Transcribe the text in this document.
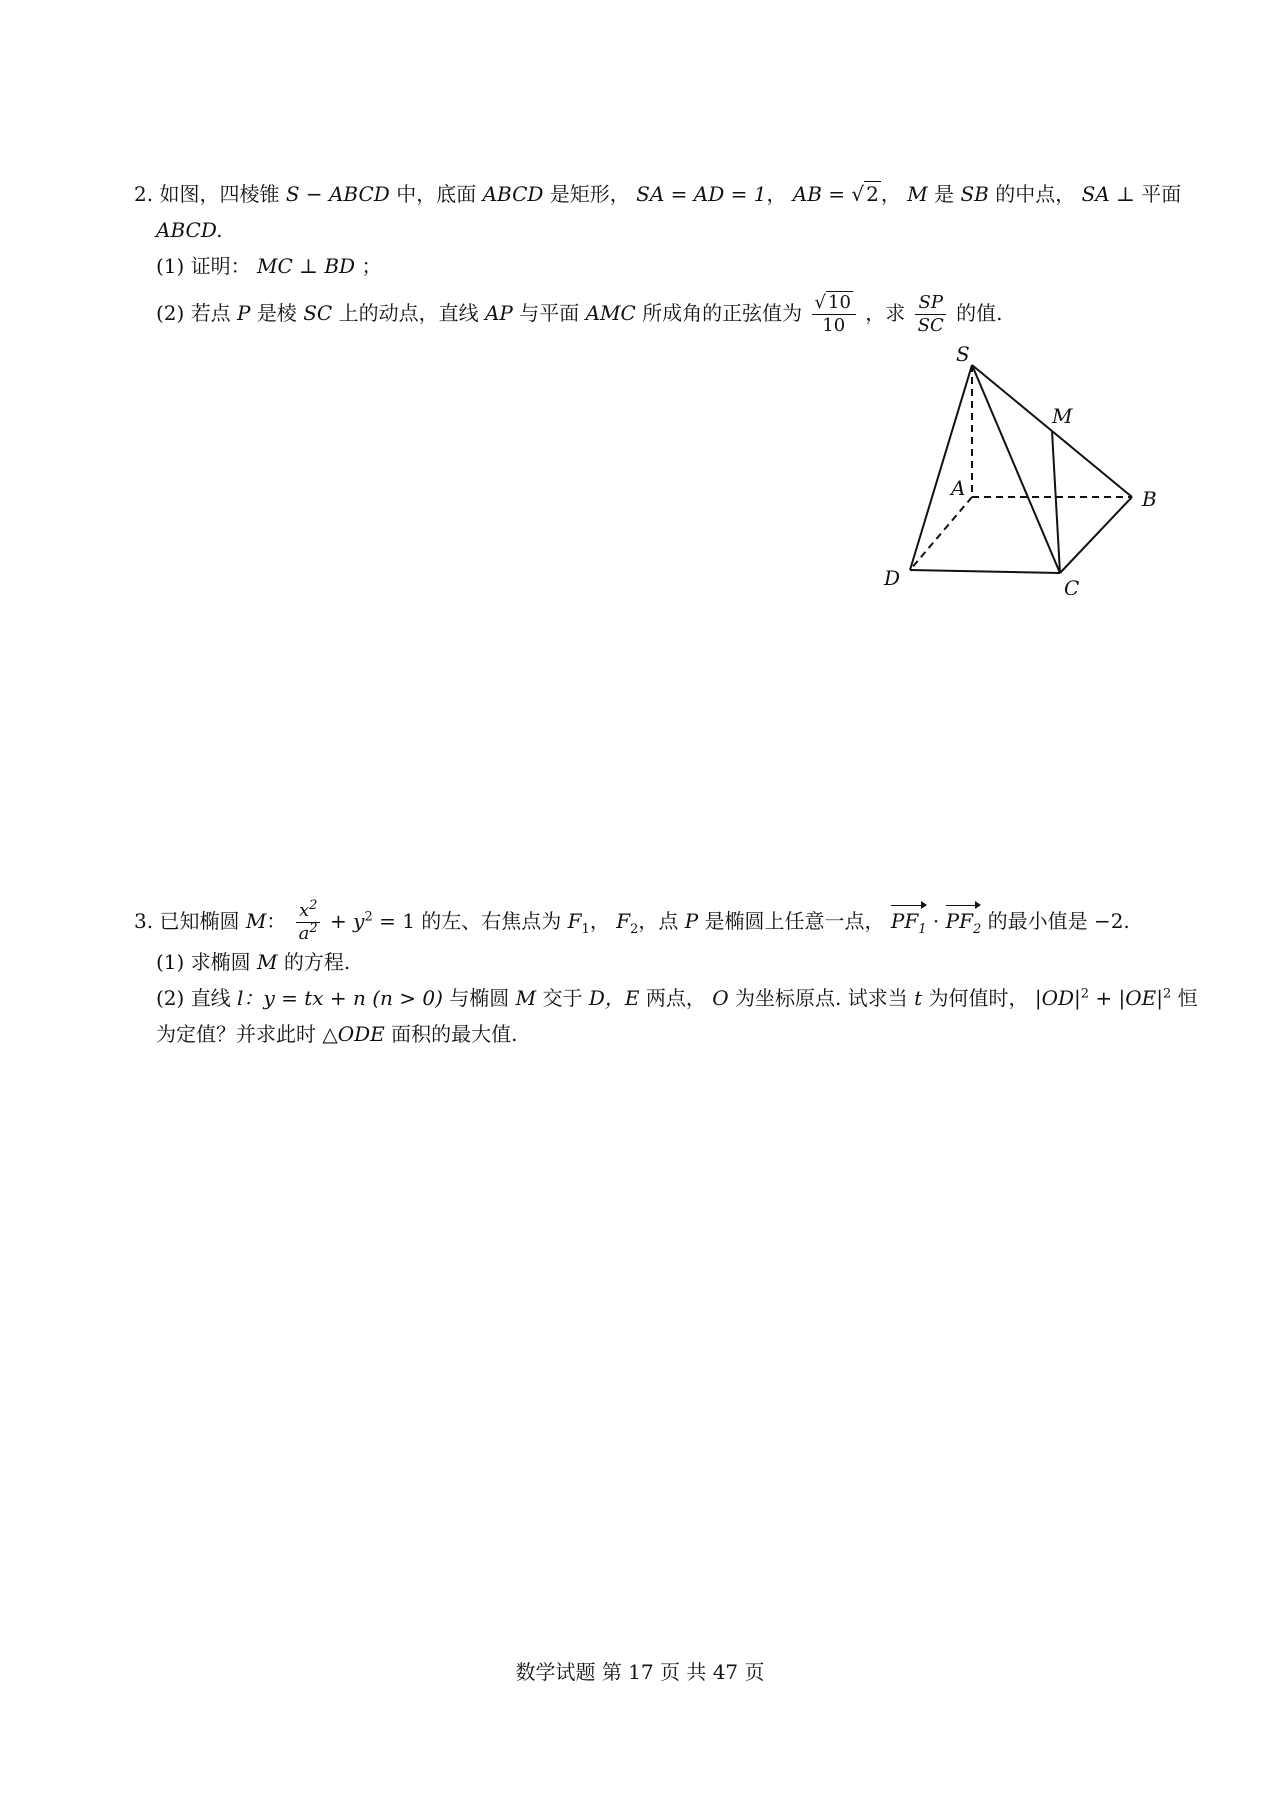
2. 如图，四棱锥 S − ABCD 中，底面 ABCD 是矩形， SA = AD = 1， AB = √ 2 ， M 是 SB 的中点， SA ⊥ 平面
ABCD.
(1) 证明： MC ⊥ BD ；
(2) 若点 P 是棱 SC 上的动点，直线 AP 与平面 AMC 所成角的正弦值为 $\frac{√ 10}{10}$ ，求 $\frac{SP}{SC}$ 的值.
S
M
A	B
C
D
3. 已知椭圆 M： $\frac{x^2}{a^2} + y^2 = 1$ 的左、右焦点为 $F_1$， $F_2$，点 P 是椭圆上任意一点， $PF_1 \cdot PF_2$ 的最小值是 −2.
(1) 求椭圆 M 的方程.
(2) 直线 l：y = tx + n (n > 0) 与椭圆 M 交于 D，E 两点， O 为坐标原点. 试求当 t 为何值时， $|OD|^2 + |OE|^2$ 恒
为定值？并求此时 △ODE 面积的最大值.
数学试题 第 17 页 共 47 页
